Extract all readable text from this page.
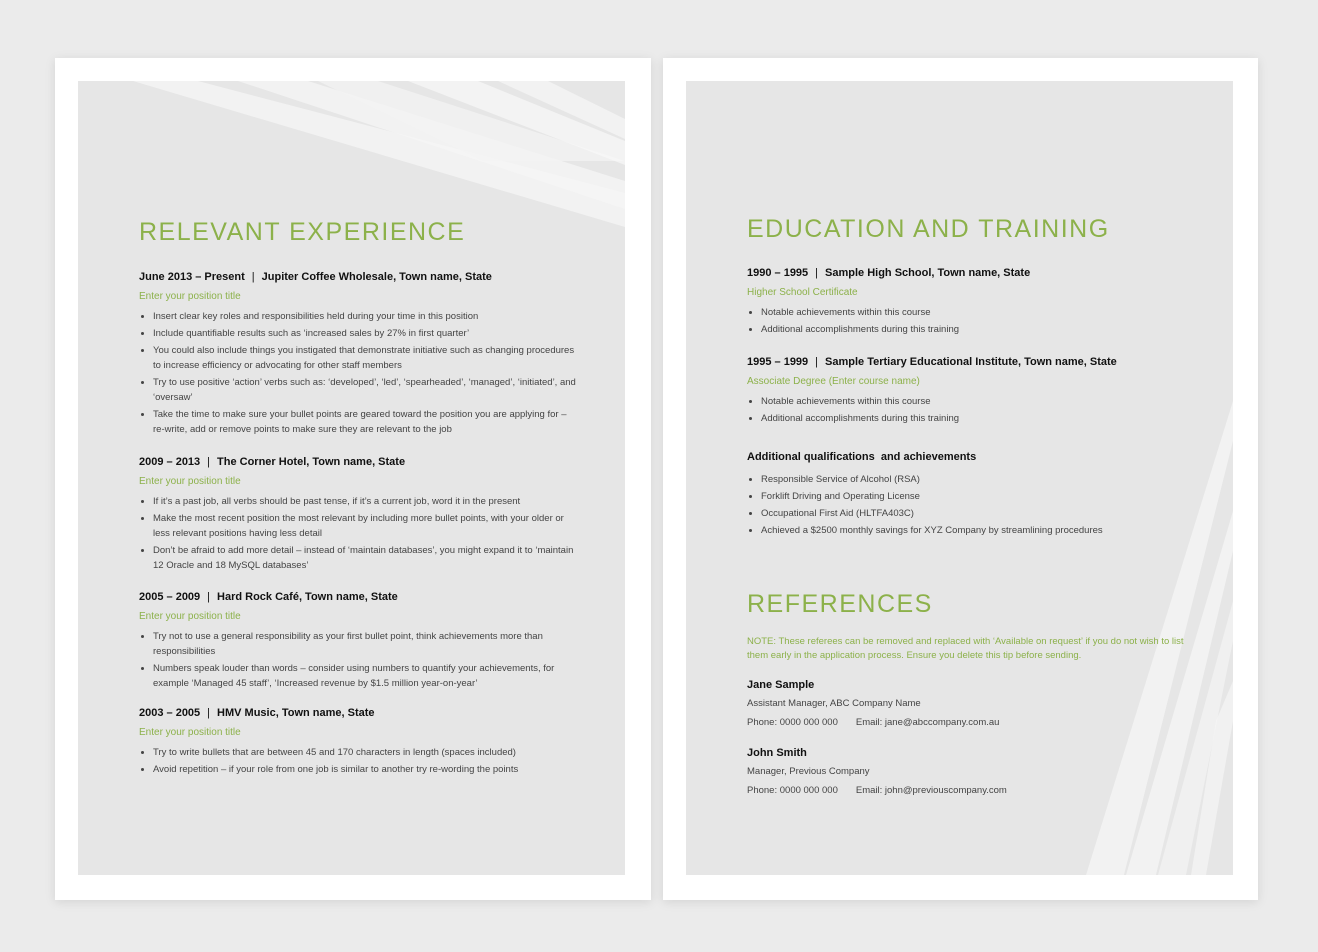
RELEVANT EXPERIENCE
June 2013 – Present | Jupiter Coffee Wholesale, Town name, State
Enter your position title
Insert clear key roles and responsibilities held during your time in this position
Include quantifiable results such as ‘increased sales by 27% in first quarter’
You could also include things you instigated that demonstrate initiative such as changing procedures to increase efficiency or advocating for other staff members
Try to use positive ‘action’ verbs such as: ‘developed’, ‘led’, ‘spearheaded’, ‘managed’, ‘initiated’, and ‘oversaw’
Take the time to make sure your bullet points are geared toward the position you are applying for – re-write, add or remove points to make sure they are relevant to the job
2009 – 2013 | The Corner Hotel, Town name, State
Enter your position title
If it’s a past job, all verbs should be past tense, if it’s a current job, word it in the present
Make the most recent position the most relevant by including more bullet points, with your older or less relevant positions having less detail
Don’t be afraid to add more detail – instead of ‘maintain databases’, you might expand it to ‘maintain 12 Oracle and 18 MySQL databases’
2005 – 2009 | Hard Rock Café, Town name, State
Enter your position title
Try not to use a general responsibility as your first bullet point, think achievements more than responsibilities
Numbers speak louder than words – consider using numbers to quantify your achievements, for example ‘Managed 45 staff’, ‘Increased revenue by $1.5 million year-on-year’
2003 – 2005 | HMV Music, Town name, State
Enter your position title
Try to write bullets that are between 45 and 170 characters in length (spaces included)
Avoid repetition – if your role from one job is similar to another try re-wording the points
EDUCATION AND TRAINING
1990 – 1995 | Sample High School, Town name, State
Higher School Certificate
Notable achievements within this course
Additional accomplishments during this training
1995 – 1999 | Sample Tertiary Educational Institute, Town name, State
Associate Degree (Enter course name)
Notable achievements within this course
Additional accomplishments during this training
Additional qualifications  and achievements
Responsible Service of Alcohol (RSA)
Forklift Driving and Operating License
Occupational First Aid (HLTFA403C)
Achieved a $2500 monthly savings for XYZ Company by streamlining procedures
REFERENCES
NOTE: These referees can be removed and replaced with ‘Available on request’ if you do not wish to list them early in the application process. Ensure you delete this tip before sending.
Jane Sample
Assistant Manager, ABC Company Name
Phone: 0000 000 000 Email: jane@abccompany.com.au
John Smith
Manager, Previous Company
Phone: 0000 000 000 Email: john@previouscompany.com
